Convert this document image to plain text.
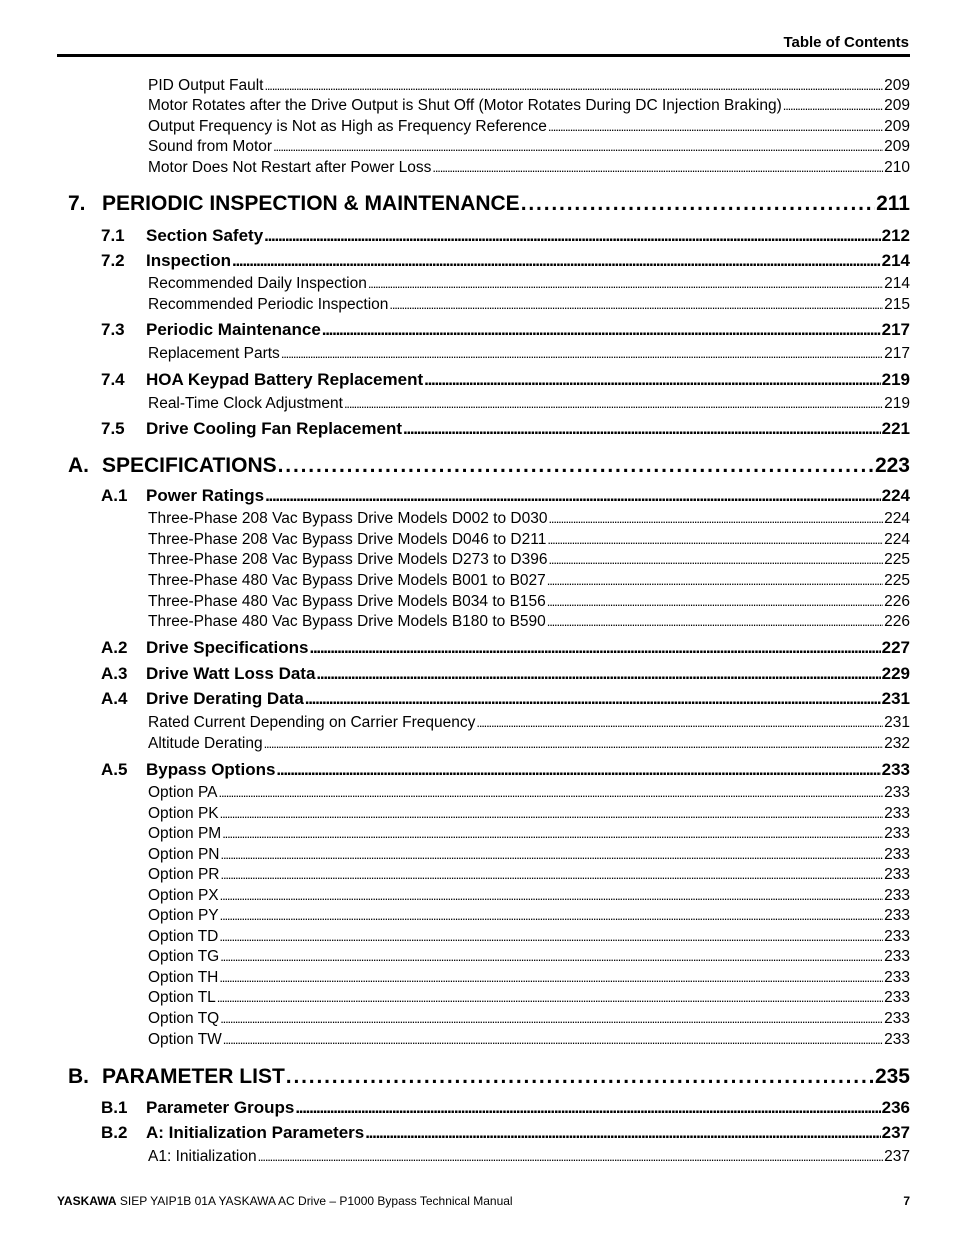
Table of Contents
PID Output Fault . . .	209
Motor Rotates after the Drive Output is Shut Off (Motor Rotates During DC Injection Braking) . . .	209
Output Frequency is Not as High as Frequency Reference . . .	209
Sound from Motor . . .	209
Motor Does Not Restart after Power Loss . . .	210
7. PERIODIC INSPECTION & MAINTENANCE . . .	211
7.1	Section Safety . . .	212
7.2	Inspection . . .	214
Recommended Daily Inspection . . .	214
Recommended Periodic Inspection . . .	215
7.3	Periodic Maintenance . . .	217
Replacement Parts . . .	217
7.4	HOA Keypad Battery Replacement . . .	219
Real-Time Clock Adjustment . . .	219
7.5	Drive Cooling Fan Replacement . . .	221
A. SPECIFICATIONS . . .	223
A.1	Power Ratings . . .	224
Three-Phase 208 Vac Bypass Drive Models D002 to D030 . . .	224
Three-Phase 208 Vac Bypass Drive Models D046 to D211 . . .	224
Three-Phase 208 Vac Bypass Drive Models D273 to D396 . . .	225
Three-Phase 480 Vac Bypass Drive Models B001 to B027 . . .	225
Three-Phase 480 Vac Bypass Drive Models B034 to B156 . . .	226
Three-Phase 480 Vac Bypass Drive Models B180 to B590 . . .	226
A.2	Drive Specifications . . .	227
A.3	Drive Watt Loss Data . . .	229
A.4	Drive Derating Data . . .	231
Rated Current Depending on Carrier Frequency . . .	231
Altitude Derating . . .	232
A.5	Bypass Options . . .	233
Option PA . . .	233
Option PK . . .	233
Option PM . . .	233
Option PN . . .	233
Option PR . . .	233
Option PX . . .	233
Option PY . . .	233
Option TD . . .	233
Option TG . . .	233
Option TH . . .	233
Option TL . . .	233
Option TQ . . .	233
Option TW . . .	233
B. PARAMETER LIST . . .	235
B.1	Parameter Groups . . .	236
B.2	A: Initialization Parameters . . .	237
A1: Initialization . . .	237
YASKAWA SIEP YAIP1B 01A YASKAWA AC Drive – P1000 Bypass Technical Manual	7
